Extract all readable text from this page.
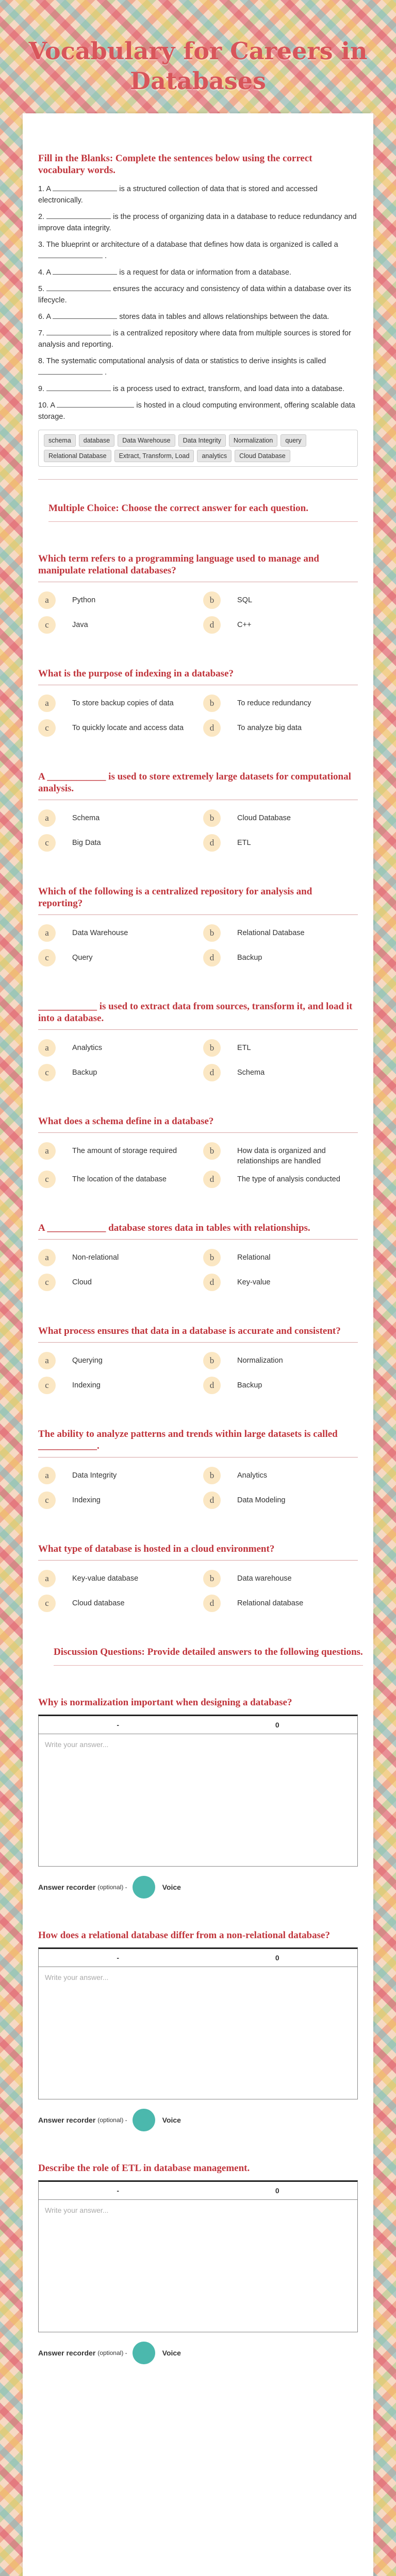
Vocabulary for Careers in Databases
Fill in the Blanks: Complete the sentences below using the correct vocabulary words.
1. A	is a structured collection of data that is stored and accessed electronically.
2.	is the process of organizing data in a database to reduce redundancy and improve data integrity.
3. The blueprint or architecture of a database that defines how data is organized is called a  .
4. A	is a request for data or information from a database.
5.	ensures the accuracy and consistency of data within a database over its lifecycle.
6. A	stores data in tables and allows relationships between the data.
7.	is a centralized repository where data from multiple sources is stored for analysis and reporting.
8. The systematic computational analysis of data or statistics to derive insights is called  .
9.	is a process used to extract, transform, and load data into a database.
10. A	is hosted in a cloud computing environment, offering scalable data storage.
schema	database	Data Warehouse	Data Integrity	Normalization	query
Relational Database	Extract, Transform, Load	analytics	Cloud Database
Multiple Choice: Choose the correct answer for each question.
Which term refers to a programming language used to manage and manipulate relational databases?
a	Python	b	SQL
c	Java	d	C++
What is the purpose of indexing in a database?
a	To store backup copies of data	b	To reduce redundancy
c	To quickly locate and access data	d	To analyze big data
A ____________ is used to store extremely large datasets for computational analysis.
a	Schema	b	Cloud Database
c	Big Data	d	ETL
Which of the following is a centralized repository for analysis and reporting?
a	Data Warehouse	b	Relational Database
c	Query	d	Backup
____________ is used to extract data from sources, transform it, and load it into a database.
a	Analytics	b	ETL
c	Backup	d	Schema
What does a schema define in a database?
a	The amount of storage required	b	How data is organized and relationships are handled
c	The location of the database	d	The type of analysis conducted
A ____________ database stores data in tables with relationships.
a	Non-relational	b	Relational
c	Cloud	d	Key-value
What process ensures that data in a database is accurate and consistent?
a	Querying	b	Normalization
c	Indexing	d	Backup
The ability to analyze patterns and trends within large datasets is called ____________.
a	Data Integrity	b	Analytics
c	Indexing	d	Data Modeling
What type of database is hosted in a cloud environment?
a	Key-value database	b	Data warehouse
c	Cloud database	d	Relational database
Discussion Questions: Provide detailed answers to the following questions.
Why is normalization important when designing a database?
-	0
Write your answer...
Answer recorder (optional) -	Voice
How does a relational database differ from a non-relational database?
-	0
Write your answer...
Answer recorder (optional) -	Voice
Describe the role of ETL in database management.
-	0
Write your answer...
Answer recorder (optional) -	Voice
